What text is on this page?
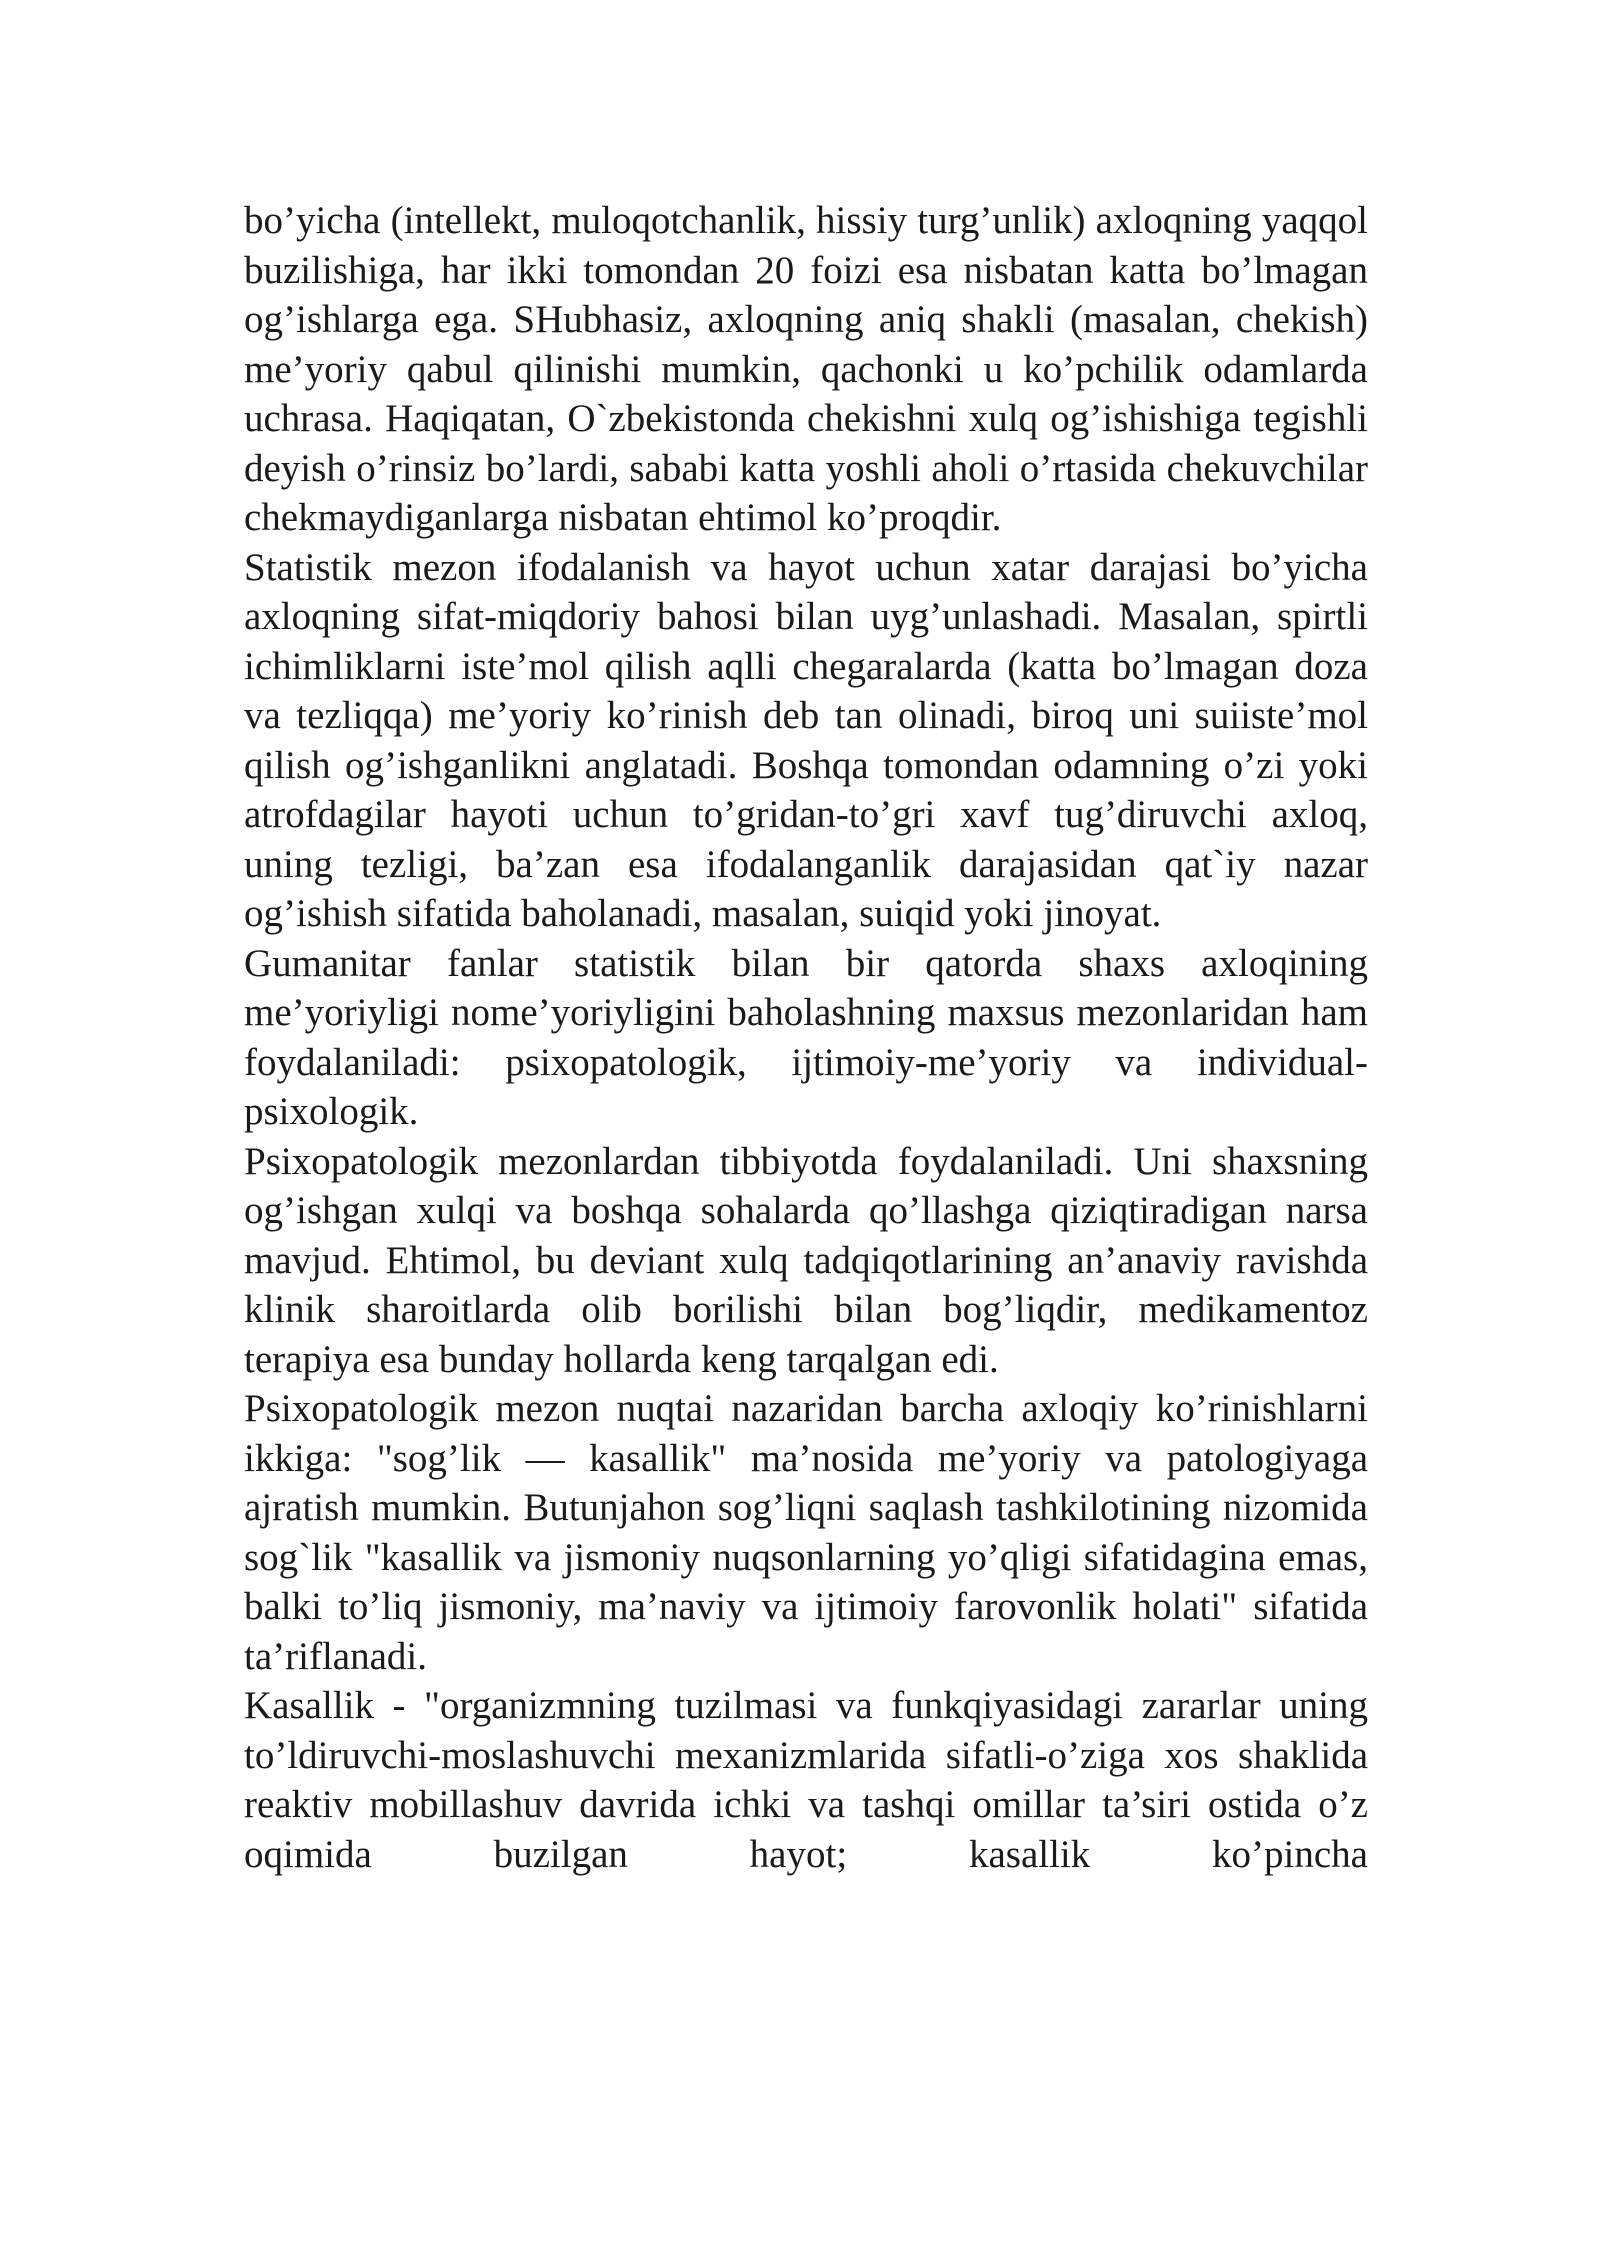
bo’yicha (intellekt, muloqotchanlik, hissiy turg’unlik) axloqning yaqqol buzilishiga, har ikki tomondan 20 foizi esa nisbatan katta bo’lmagan og’ishlarga ega. SHubhasiz, axloqning aniq shakli (masalan, chekish) me’yoriy qabul qilinishi mumkin, qachonki u ko’pchilik odamlarda uchrasa. Haqiqatan, O`zbekistonda chekishni xulq og’ishishiga tegishli deyish o’rinsiz bo’lardi, sababi katta yoshli aholi o’rtasida chekuvchilar chekmaydiganlarga nisbatan ehtimol ko’proqdir.

Statistik mezon ifodalanish va hayot uchun xatar darajasi bo’yicha axloqning sifat-miqdoriy bahosi bilan uyg’unlashadi. Masalan, spirtli ichimliklarni iste’mol qilish aqlli chegaralarda (katta bo’lmagan doza va tezliqqa) me’yoriy ko’rinish deb tan olinadi, biroq uni suiiste’mol qilish og’ishganlikni anglatadi. Boshqa tomondan odamning o’zi yoki atrofdagilar hayoti uchun to’gridan-to’gri xavf tug’diruvchi axloq, uning tezligi, ba’zan esa ifodalanganlik darajasidan qat`iy nazar og’ishish sifatida baholanadi, masalan, suiqid yoki jinoyat.

Gumanitar fanlar statistik bilan bir qatorda shaxs axloqining me’yoriyligi nome’yoriyligini baholashning maxsus mezonlaridan ham foydalaniladi: psixopatologik, ijtimoiy-me’yoriy va individual-psixologik.

Psixopatologik mezonlardan tibbiyotda foydalaniladi. Uni shaxsning og’ishgan xulqi va boshqa sohalarda qo’llashga qiziqtiradigan narsa mavjud. Ehtimol, bu deviant xulq tadqiqotlarining an’anaviy ravishda klinik sharoitlarda olib borilishi bilan bog’liqdir, medikamentoz terapiya esa bunday hollarda keng tarqalgan edi.

Psixopatologik mezon nuqtai nazaridan barcha axloqiy ko’rinishlarni ikkiga: "sog’lik — kasallik" ma’nosida me’yoriy va patologiyaga ajratish mumkin. Butunjahon sog’liqni saqlash tashkilotining nizomida sog`lik "kasallik va jismoniy nuqsonlarning yo’qligi sifatidagina emas, balki to’liq jismoniy, ma’naviy va ijtimoiy farovonlik holati" sifatida ta’riflanadi.

Kasallik - "organizmning tuzilmasi va funkqiyasidagi zararlar uning to’ldiruvchi-moslashuvchi mexanizmlarida sifatli-o’ziga xos shaklida reaktiv mobillashuv davrida ichki va tashqi omillar ta’siri ostida o’z oqimida buzilgan hayot; kasallik ko’pincha
